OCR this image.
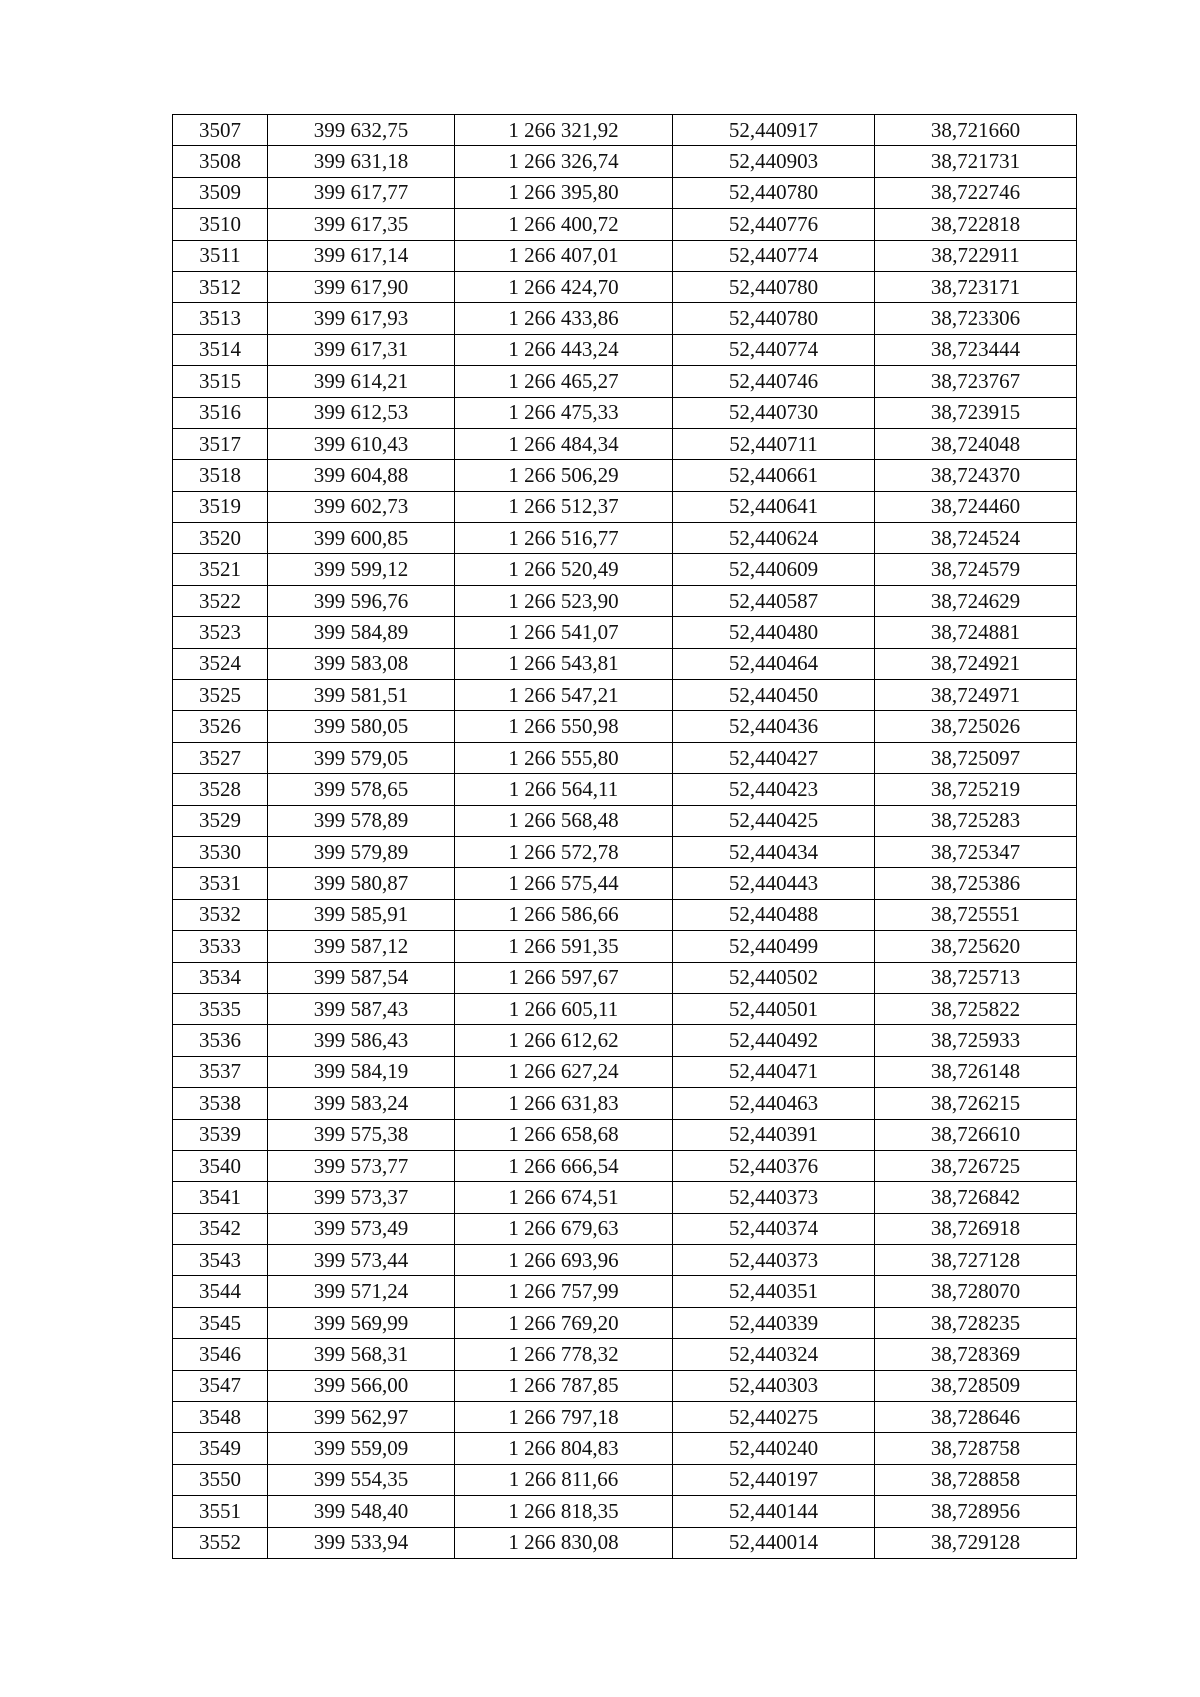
3507	399 632,75	1 266 321,92	52,440917	38,721660
3508	399 631,18	1 266 326,74	52,440903	38,721731
3509	399 617,77	1 266 395,80	52,440780	38,722746
3510	399 617,35	1 266 400,72	52,440776	38,722818
3511	399 617,14	1 266 407,01	52,440774	38,722911
3512	399 617,90	1 266 424,70	52,440780	38,723171
3513	399 617,93	1 266 433,86	52,440780	38,723306
3514	399 617,31	1 266 443,24	52,440774	38,723444
3515	399 614,21	1 266 465,27	52,440746	38,723767
3516	399 612,53	1 266 475,33	52,440730	38,723915
3517	399 610,43	1 266 484,34	52,440711	38,724048
3518	399 604,88	1 266 506,29	52,440661	38,724370
3519	399 602,73	1 266 512,37	52,440641	38,724460
3520	399 600,85	1 266 516,77	52,440624	38,724524
3521	399 599,12	1 266 520,49	52,440609	38,724579
3522	399 596,76	1 266 523,90	52,440587	38,724629
3523	399 584,89	1 266 541,07	52,440480	38,724881
3524	399 583,08	1 266 543,81	52,440464	38,724921
3525	399 581,51	1 266 547,21	52,440450	38,724971
3526	399 580,05	1 266 550,98	52,440436	38,725026
3527	399 579,05	1 266 555,80	52,440427	38,725097
3528	399 578,65	1 266 564,11	52,440423	38,725219
3529	399 578,89	1 266 568,48	52,440425	38,725283
3530	399 579,89	1 266 572,78	52,440434	38,725347
3531	399 580,87	1 266 575,44	52,440443	38,725386
3532	399 585,91	1 266 586,66	52,440488	38,725551
3533	399 587,12	1 266 591,35	52,440499	38,725620
3534	399 587,54	1 266 597,67	52,440502	38,725713
3535	399 587,43	1 266 605,11	52,440501	38,725822
3536	399 586,43	1 266 612,62	52,440492	38,725933
3537	399 584,19	1 266 627,24	52,440471	38,726148
3538	399 583,24	1 266 631,83	52,440463	38,726215
3539	399 575,38	1 266 658,68	52,440391	38,726610
3540	399 573,77	1 266 666,54	52,440376	38,726725
3541	399 573,37	1 266 674,51	52,440373	38,726842
3542	399 573,49	1 266 679,63	52,440374	38,726918
3543	399 573,44	1 266 693,96	52,440373	38,727128
3544	399 571,24	1 266 757,99	52,440351	38,728070
3545	399 569,99	1 266 769,20	52,440339	38,728235
3546	399 568,31	1 266 778,32	52,440324	38,728369
3547	399 566,00	1 266 787,85	52,440303	38,728509
3548	399 562,97	1 266 797,18	52,440275	38,728646
3549	399 559,09	1 266 804,83	52,440240	38,728758
3550	399 554,35	1 266 811,66	52,440197	38,728858
3551	399 548,40	1 266 818,35	52,440144	38,728956
3552	399 533,94	1 266 830,08	52,440014	38,729128
